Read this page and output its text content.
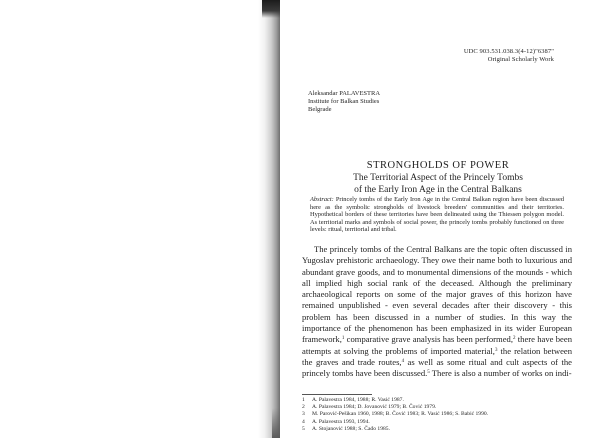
UDC 903.531.038.3(4-12)"6387"
Original Scholarly Work
Aleksandar PALAVESTRA
Institute for Balkan Studies
Belgrade
STRONGHOLDS OF POWER
The Territorial Aspect of the Princely Tombs
of the Early Iron Age in the Central Balkans
Abstract: Princely tombs of the Early Iron Age in the Central Balkan region have been discussed here as the symbolic strongholds of livestock breeders' communities and their territories. Hypothetical borders of these territories have been delineated using the Thiessen polygon model. As territorial marks and symbols of social power, the princely tombs probably functioned on three levels: ritual, territorial and tribal.

The princely tombs of the Central Balkans are the topic often discussed in Yugoslav prehistoric archaeology. They owe their name both to luxurious and abundant grave goods, and to monumental dimensions of the mounds - which all implied high social rank of the deceased. Although the preliminary archaeological reports on some of the major graves of this horizon have remained unpublished - even several decades after their discovery - this problem has been discussed in a number of studies. In this way the importance of the phenomenon has been emphasized in its wider European framework,$^1$ comparative grave analysis has been performed,$^2$ there have been attempts at solving the problems of imported material,$^3$ the relation between the graves and trade routes,$^4$ as well as some ritual and cult aspects of the princely tombs have been discussed.$^5$ There is also a number of works on indi-

1	A. Palavestra 1984, 1988; R. Vasić 1987.
2	A. Palavestra 1984; D. Jovanović 1979; B. Čović 1979.
3	M. Parović-Pešikan 1960, 1988; B. Čović 1983; R. Vasić 1986; S. Babić 1990.
4	A. Palavestra 1993, 1994.
5	A. Stojanović 1988; S. Čađo 1985.
